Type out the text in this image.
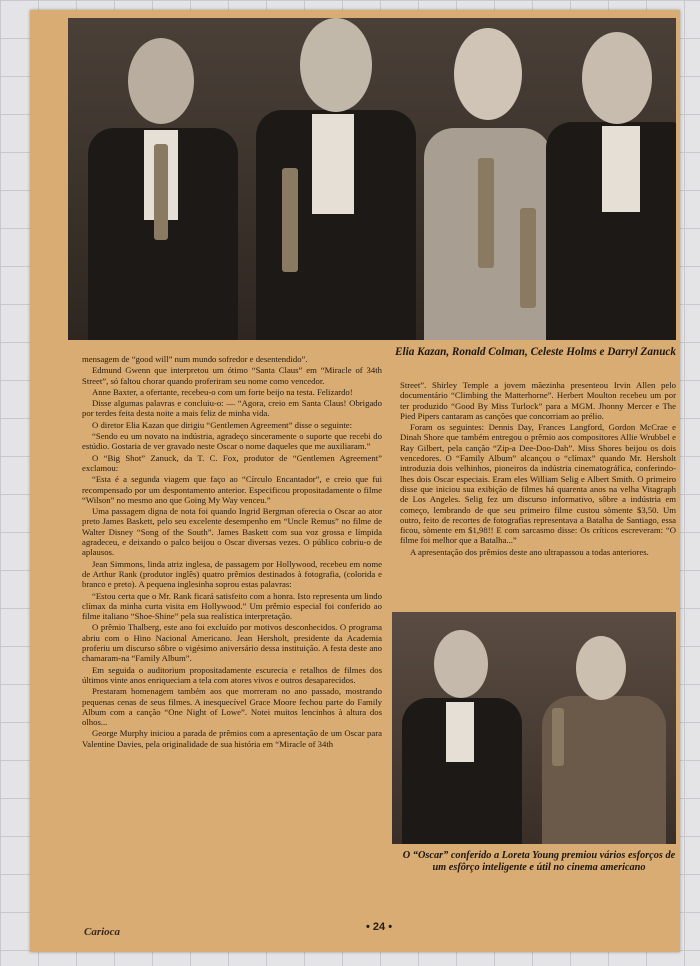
Elia Kazan, Ronald Colman, Celeste Holms e Darryl Zanuck

mensagem de “good will” num mundo sofredor e desentendido”.

Edmund Gwenn que interpretou um ótimo “Santa Claus” em “Miracle of 34th Street”, só faltou chorar quando proferiram seu nome como vencedor.

Anne Baxter, a ofertante, recebeu-o com um forte beijo na testa. Felizardo!

Disse algumas palavras e concluiu-o: — “Agora, creio em Santa Claus! Obrigado por terdes feita desta noite a mais feliz de minha vida.

O diretor Elia Kazan que dirigiu “Gentlemen Agreement” disse o seguinte:

“Sendo eu um novato na indústria, agradeço sinceramente o suporte que recebi do estúdio. Gostaria de ver gravado neste Oscar o nome daqueles que me auxiliaram.”

O “Big Shot” Zanuck, da T. C. Fox, produtor de “Gentlemen Agreement” exclamou:

“Esta é a segunda viagem que faço ao “Círculo Encantador”, e creio que fui recompensado por um despontamento anterior. Especificou propositadamente o filme “Wilson” no mesmo ano que Going My Way venceu.”

Uma passagem digna de nota foi quando Ingrid Bergman oferecia o Oscar ao ator preto James Baskett, pelo seu excelente desempenho em “Uncle Remus” no filme de Walter Disney “Song of the South”. James Baskett com sua voz grossa e límpida agradeceu, e deixando o palco beijou o Oscar diversas vezes. O público cobriu-o de aplausos.

Jean Simmons, linda atriz inglesa, de passagem por Hollywood, recebeu em nome de Arthur Rank (produtor inglês) quatro prêmios destinados à fotografia, (colorida e branco e preto). A pequena inglesinha soprou estas palavras:

“Estou certa que o Mr. Rank ficará satisfeito com a honra. Isto representa um lindo clímax da minha curta visita em Hollywood.” Um prêmio especial foi conferido ao filme italiano “Shoe-Shine” pela sua realística interpretação.

O prêmio Thalberg, este ano foi excluído por motivos desconhecidos. O programa abriu com o Hino Nacional Americano. Jean Hersholt, presidente da Academia proferiu um discurso sôbre o vigésimo aniversário dessa instituição. A festa deste ano chamaram-na “Family Album”.

Em seguida o auditorium propositadamente escurecia e retalhos de filmes dos últimos vinte anos enriqueciam a tela com atores vivos e outros desaparecidos.

Prestaram homenagem também aos que morreram no ano passado, mostrando pequenas cenas de seus filmes. A inesquecível Grace Moore fechou parte do Family Album com a canção “One Night of Lowe”. Notei muitos lencinhos à altura dos olhos...

George Murphy iniciou a parada de prêmios com a apresentação de um Oscar para Valentine Davies, pela originalidade de sua história em “Miracle of 34th

Street”. Shirley Temple a jovem mãezinha presenteou Irvin Allen pelo documentário “Climbing the Matterhorne”. Herbert Moulton recebeu um por ter produzido “Good By Miss Turlock” para a MGM. Jhonny Mercer e The Pied Pipers cantaram as canções que concorriam ao prélio.

Foram os seguintes: Dennis Day, Frances Langford, Gordon McCrae e Dinah Shore que também entregou o prêmio aos compositores Allie Wrubbel e Ray Gilbert, pela canção “Zip-a Dee-Doo-Dah”. Miss Shores beijou os dois vencedores. O “Family Album” alcançou o “clímax” quando Mr. Hersholt introduzia dois velhinhos, pioneiros da indústria cinematográfica, conferindo-lhes dois Oscar especiais. Eram eles William Selig e Albert Smith. O primeiro disse que iniciou sua exibição de filmes há quarenta anos na velha Vitagraph de Los Angeles. Selig fez um discurso informativo, sôbre a indústria em começo, lembrando de que seu primeiro filme custou sòmente $3,50. Um outro, feito de recortes de fotografias representava a Batalha de Santiago, essa ficou, sòmente em $1,98!! E com sarcasmo disse: Os críticos escreveram: “O filme foi melhor que a Batalha...”

A apresentação dos prêmios deste ano ultrapassou a todas anteriores.

O “Oscar” conferido a Loreta Young premiou vários esforços de um esfôrço inteligente e útil no cinema americano
Carioca	• 24 •
